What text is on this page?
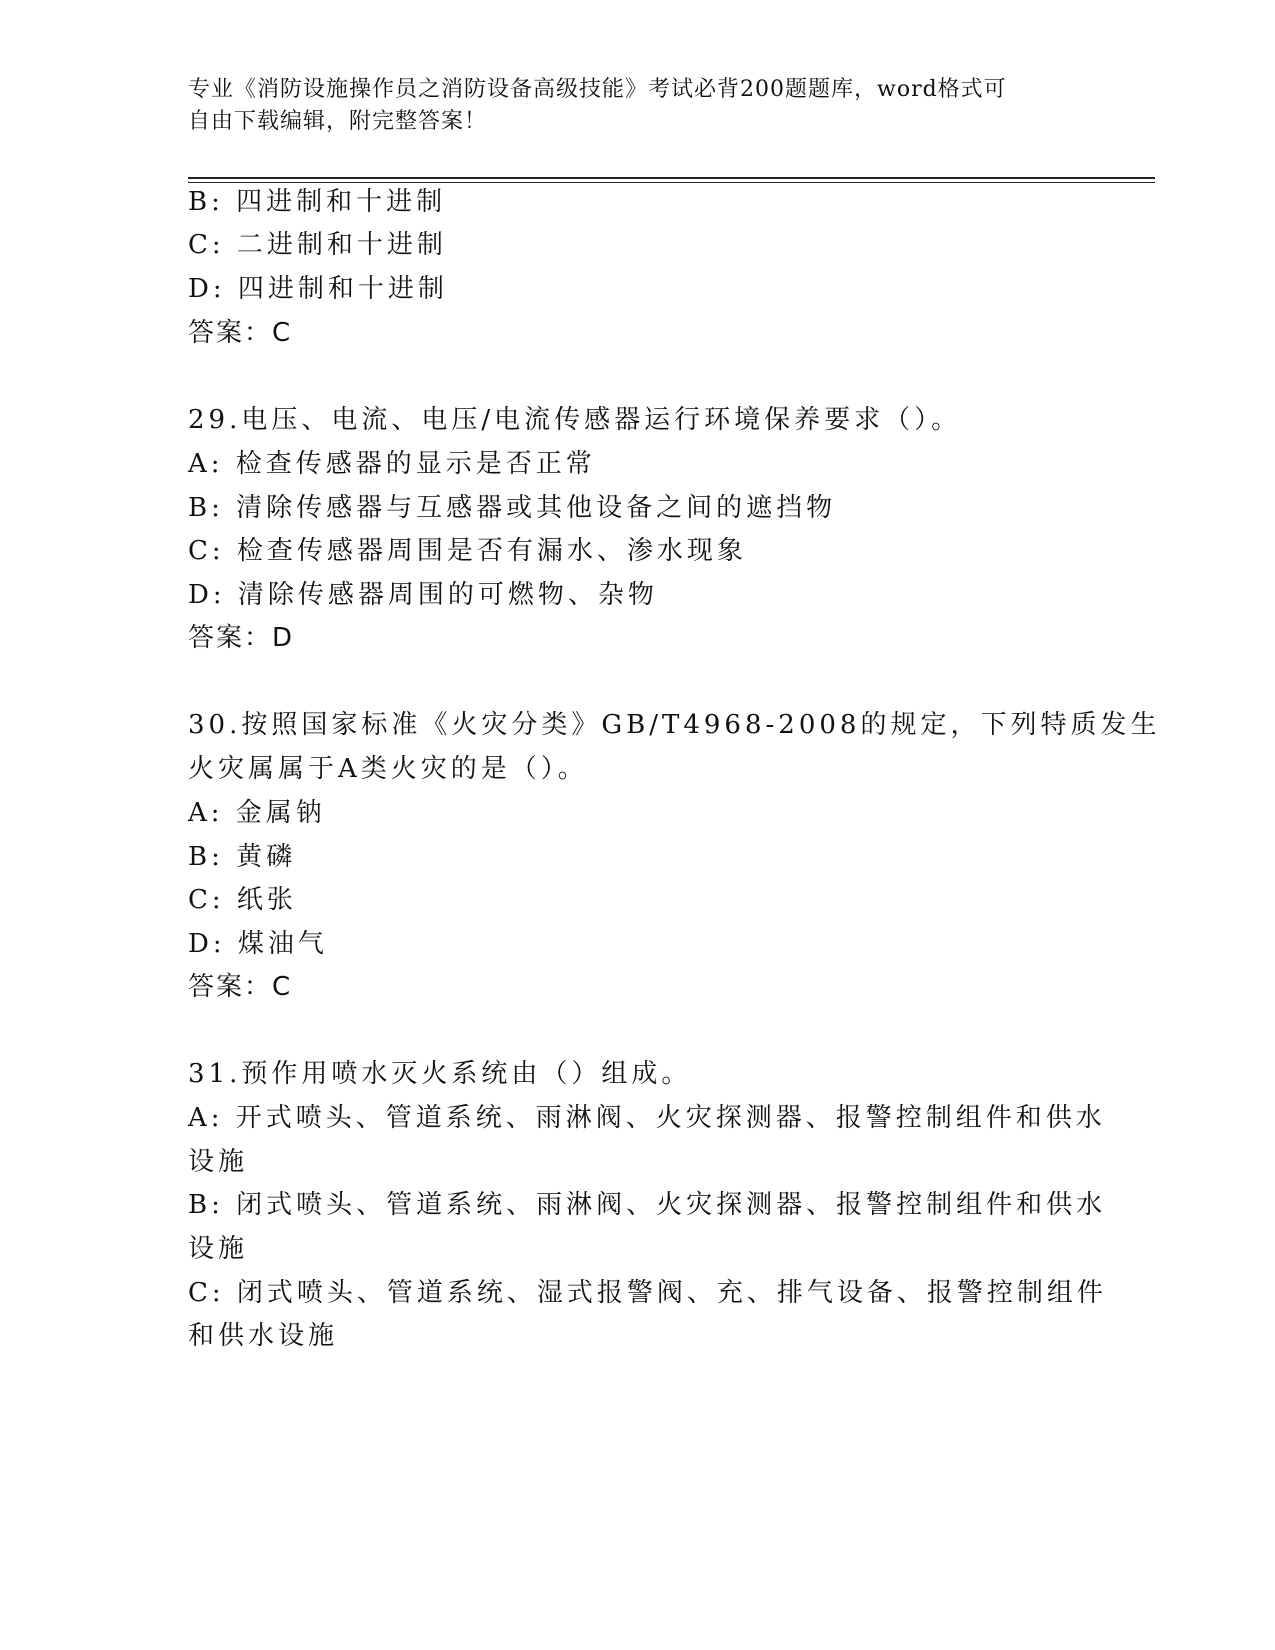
专业《消防设施操作员之消防设备高级技能》考试必背200题题库，word格式可
自由下载编辑，附完整答案！
B: 四进制和十进制
C: 二进制和十进制
D: 四进制和十进制
答案：C
29.电压、电流、电压/电流传感器运行环境保养要求（）。
A: 检查传感器的显示是否正常
B: 清除传感器与互感器或其他设备之间的遮挡物
C: 检查传感器周围是否有漏水、渗水现象
D: 清除传感器周围的可燃物、杂物
答案：D
30.按照国家标准《火灾分类》GB/T4968-2008的规定，下列特质发生
火灾属属于A类火灾的是（）。
A: 金属钠
B: 黄磷
C: 纸张
D: 煤油气
答案：C
31.预作用喷水灭火系统由（）组成。
A: 开式喷头、管道系统、雨淋阀、火灾探测器、报警控制组件和供水
设施
B: 闭式喷头、管道系统、雨淋阀、火灾探测器、报警控制组件和供水
设施
C: 闭式喷头、管道系统、湿式报警阀、充、排气设备、报警控制组件
和供水设施
